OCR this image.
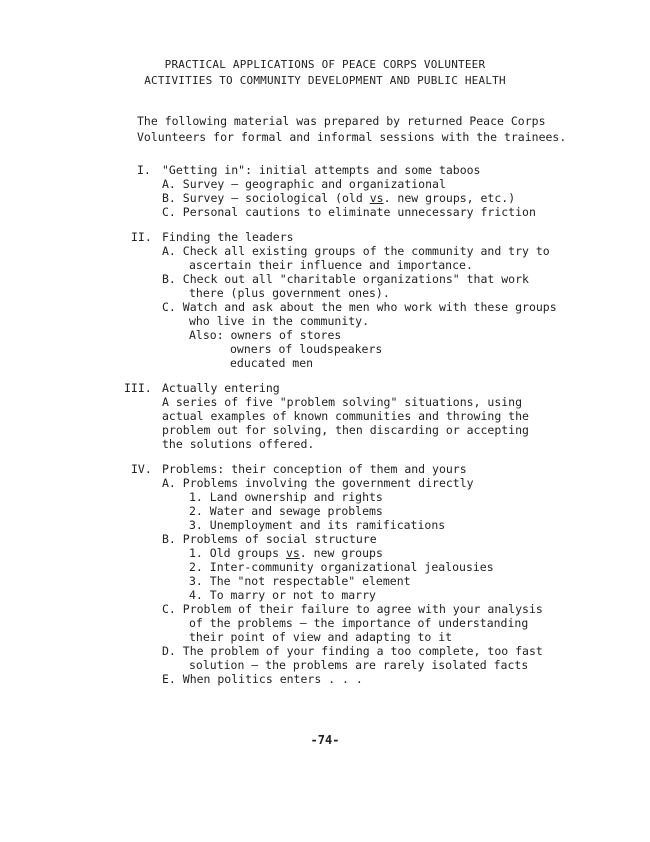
PRACTICAL APPLICATIONS OF PEACE CORPS VOLUNTEER
ACTIVITIES TO COMMUNITY DEVELOPMENT AND PUBLIC HEALTH
The following material was prepared by returned Peace Corps
Volunteers for formal and informal sessions with the trainees.
I. "Getting in": initial attempts and some taboos
A. Survey — geographic and organizational
B. Survey — sociological (old vs. new groups, etc.)
C. Personal cautions to eliminate unnecessary friction
II. Finding the leaders
A. Check all existing groups of the community and try to
ascertain their influence and importance.
B. Check out all "charitable organizations" that work
there (plus government ones).
C. Watch and ask about the men who work with these groups
who live in the community.
Also: owners of stores
owners of loudspeakers
educated men
III. Actually entering
A series of five "problem solving" situations, using
actual examples of known communities and throwing the
problem out for solving, then discarding or accepting
the solutions offered.
IV. Problems: their conception of them and yours
A. Problems involving the government directly
1. Land ownership and rights
2. Water and sewage problems
3. Unemployment and its ramifications
B. Problems of social structure
1. Old groups vs. new groups
2. Inter-community organizational jealousies
3. The "not respectable" element
4. To marry or not to marry
C. Problem of their failure to agree with your analysis
of the problems — the importance of understanding
their point of view and adapting to it
D. The problem of your finding a too complete, too fast
solution — the problems are rarely isolated facts
E. When politics enters . . .
-74-
